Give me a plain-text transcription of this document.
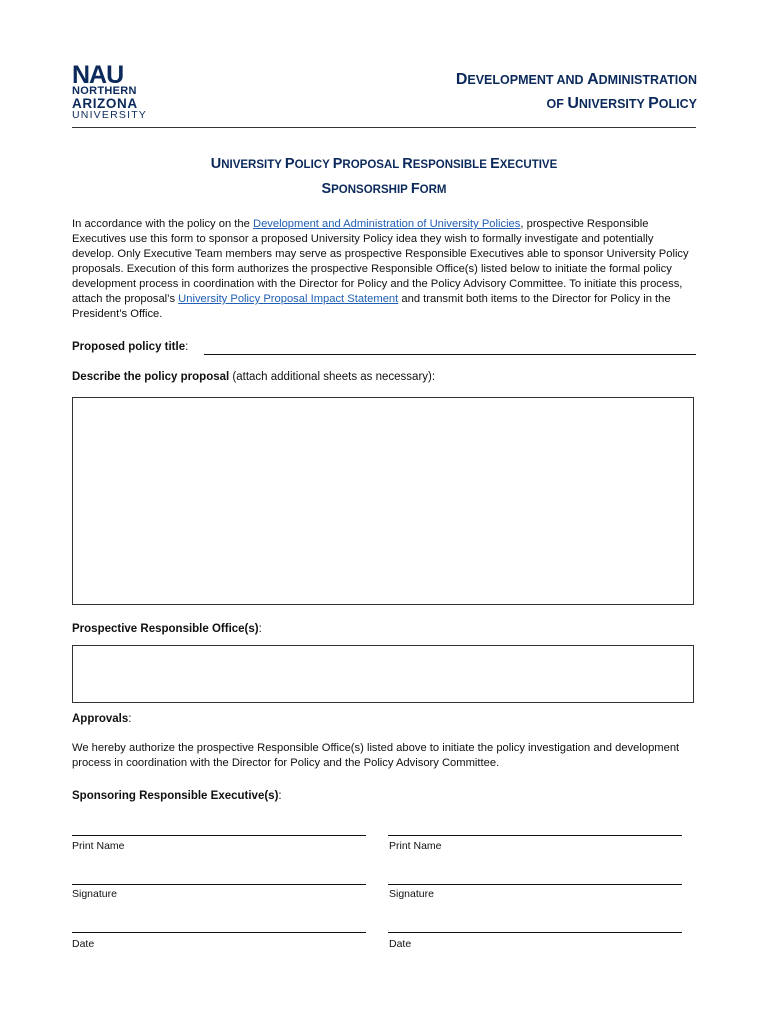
NAU
NORTHERN
ARIZONA
UNIVERSITY
DEVELOPMENT AND ADMINISTRATION
OF UNIVERSITY POLICY
UNIVERSITY POLICY PROPOSAL RESPONSIBLE EXECUTIVE
SPONSORSHIP FORM

In accordance with the policy on the Development and Administration of University Policies, prospective Responsible Executives use this form to sponsor a proposed University Policy idea they wish to formally investigate and potentially develop. Only Executive Team members may serve as prospective Responsible Executives able to sponsor University Policy proposals. Execution of this form authorizes the prospective Responsible Office(s) listed below to initiate the formal policy development process in coordination with the Director for Policy and the Policy Advisory Committee. To initiate this process, attach the proposal’s University Policy Proposal Impact Statement and transmit both items to the Director for Policy in the President’s Office.

Proposed policy title:
Describe the policy proposal (attach additional sheets as necessary):
Prospective Responsible Office(s):
Approvals:

We hereby authorize the prospective Responsible Office(s) listed above to initiate the policy investigation and development process in coordination with the Director for Policy and the Policy Advisory Committee.

Sponsoring Responsible Executive(s):
Print Name
Signature
Date
Print Name
Signature
Date
